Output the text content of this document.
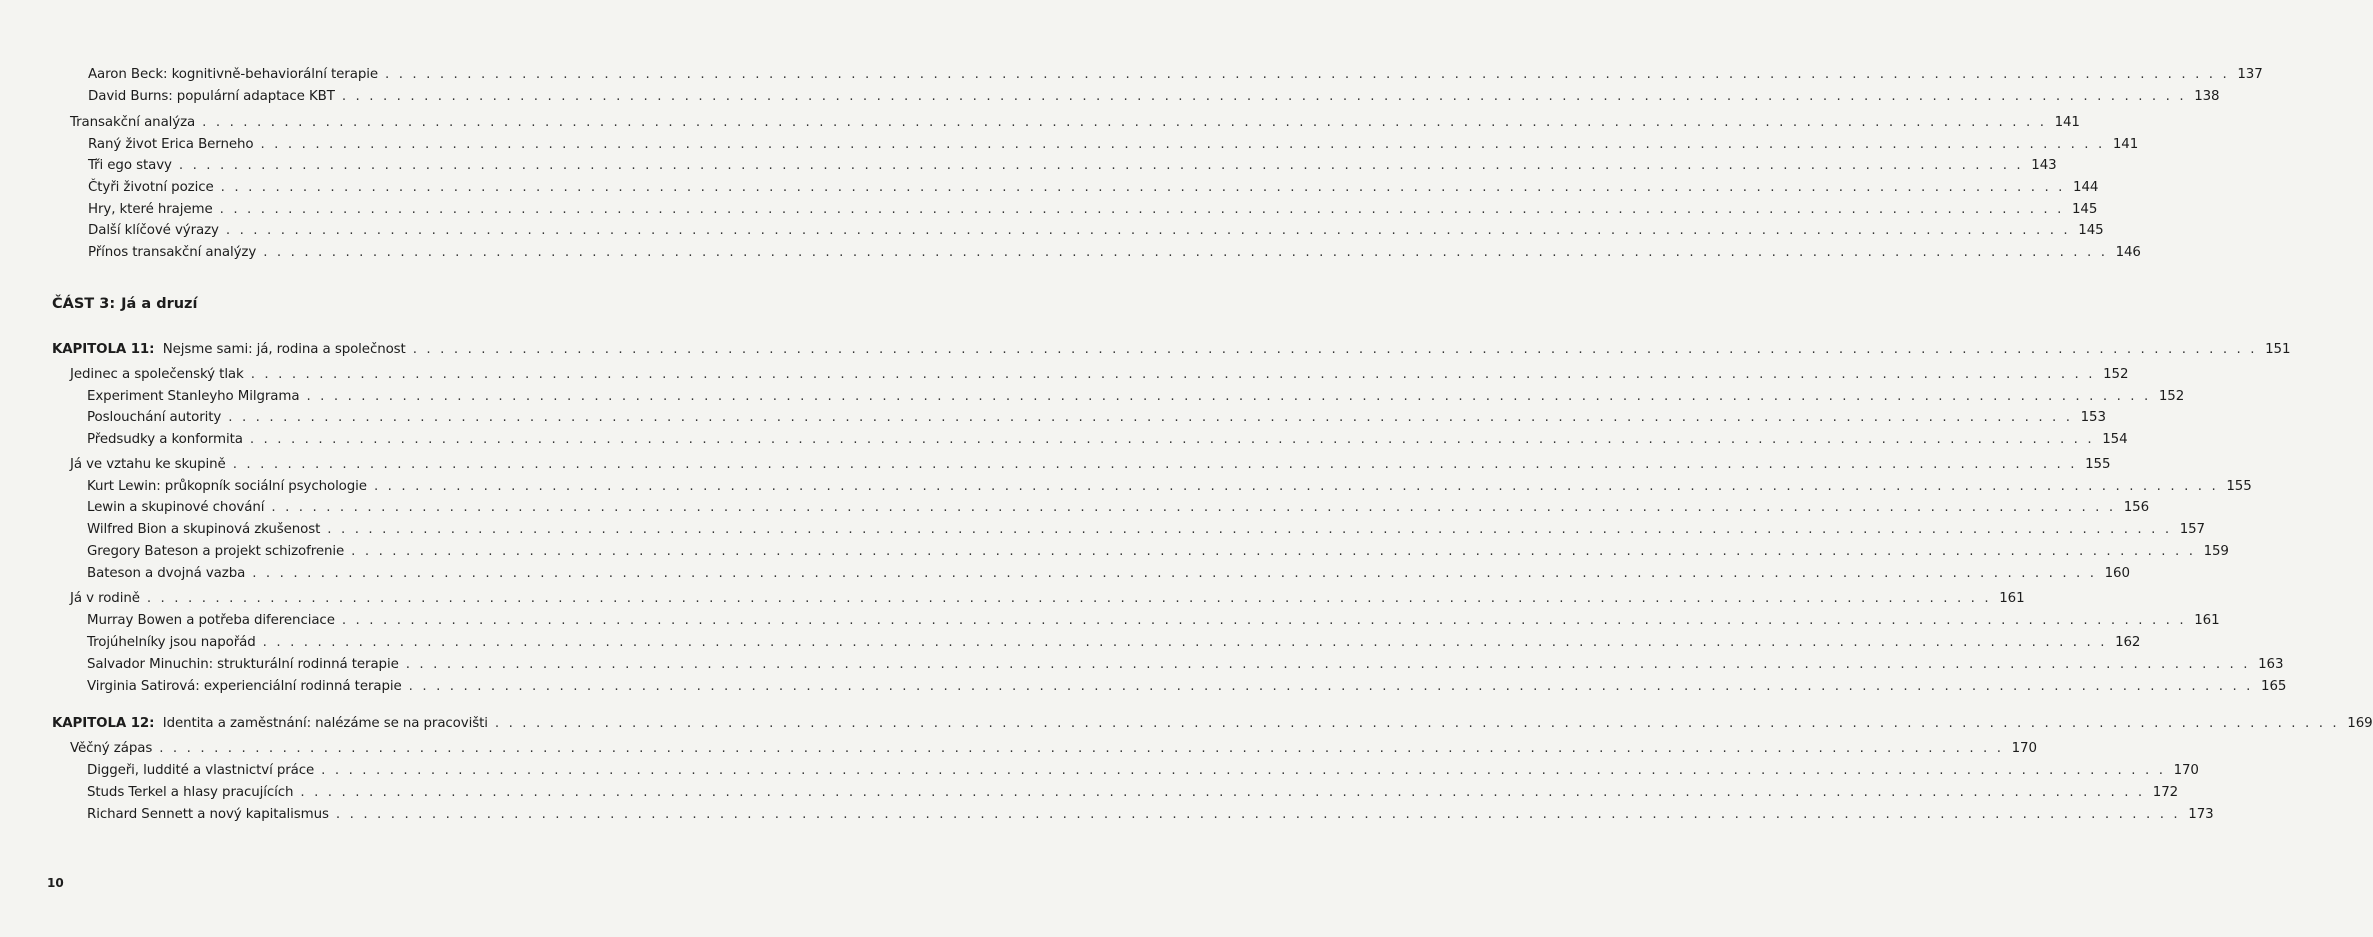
Aaron Beck: kognitivně-behaviorální terapie . . .	137
David Burns: populární adaptace KBT . . .	138
Transakční analýza . . .	141
Raný život Erica Berneho . . .	141
Tři ego stavy . . .	143
Čtyři životní pozice . . .	144
Hry, které hrajeme . . .	145
Další klíčové výrazy . . .	145
Přínos transakční analýzy . . .	146
ČÁST 3: Já a druzí
KAPITOLA 11: Nejsme sami: já, rodina a společnost . . .	151
Jedinec a společenský tlak . . .	152
Experiment Stanleyho Milgrama . . .	152
Poslouchání autority . . .	153
Předsudky a konformita . . .	154
Já ve vztahu ke skupině . . .	155
Kurt Lewin: průkopník sociální psychologie . . .	155
Lewin a skupinové chování . . .	156
Wilfred Bion a skupinová zkušenost . . .	157
Gregory Bateson a projekt schizofrenie . . .	159
Bateson a dvojná vazba . . .	160
Já v rodině . . .	161
Murray Bowen a potřeba diferenciace . . .	161
Trojúhelníky jsou napořád . . .	162
Salvador Minuchin: strukturální rodinná terapie . . .	163
Virginia Satirová: experienciální rodinná terapie . . .	165
KAPITOLA 12: Identita a zaměstnání: nalézáme se na pracovišti . . .	169
Věčný zápas . . .	170
Diggeři, luddité a vlastnictví práce . . .	170
Studs Terkel a hlasy pracujících . . .	172
Richard Sennett a nový kapitalismus . . .	173
10
